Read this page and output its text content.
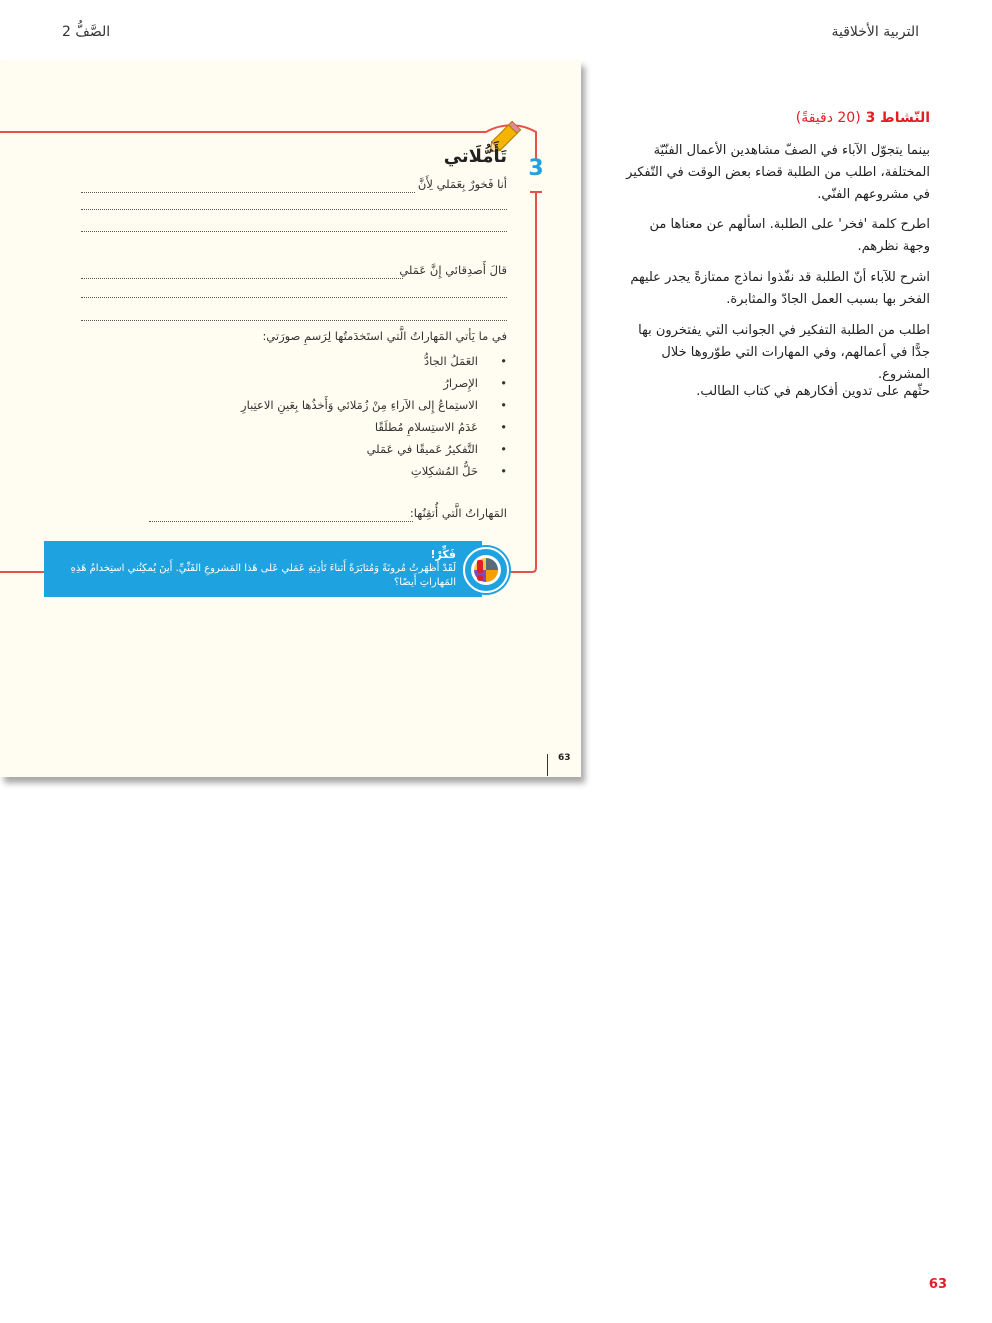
التربية الأخلاقية
الصَّفُّ 2
3
تَأَمُّلَاتي
أنا فَخورٌ بِعَمَلي لِأَنَّ
قالَ أَصدِقائي إِنَّ عَمَلي
في ما يَأتي المَهاراتُ الَّتي استَخدَمتُها لِرَسمِ صورَتي:
•
العَمَلُ الجادُّ
•
الإِصرارُ
•
الاستِماعُ إِلى الآراءِ مِنْ زُمَلائي وَأَخذُها بِعَينِ الاعتِبارِ
•
عَدَمُ الاستِسلامِ مُطلَقًا
•
التَّفكيرُ عَميقًا في عَمَلي
•
حَلُّ المُشكِلاتِ
المَهاراتُ الَّتي أُتقِنُها:
فَكِّرْ!
لَقَدْ أَظهَرتُ مُرونَةً وَمُثابَرَةً أَثناءَ تَأدِيَةِ عَمَلي عَلى هَذا المَشروعِ الفَنِّيِّ. أَينَ يُمكِنُني استِخدامُ هَذِهِ المَهاراتِ أَيضًا؟
63
النّشاط 3 (20 دقيقةً)
بينما يتجوّل الآباء في الصفّ مشاهدين الأعمال الفنّيّة المختلفة، اطلب من الطلبة قضاء بعض الوقت في التّفكير في مشروعهم الفنّي.
اطرح كلمة 'فخر' على الطلبة. اسألهم عن معناها من وجهة نظرهم.
اشرح للآباء أنّ الطلبة قد نفّذوا نماذج ممتازةً يجدر عليهم الفخر بها بسبب العمل الجادّ والمثابرة.
اطلب من الطلبة التفكير في الجوانب التي يفتخرون بها جدًّا في أعمالهم، وفي المهارات التي طوّروها خلال المشروع.
حثّهم على تدوين أفكارهم في كتاب الطالب.
63
